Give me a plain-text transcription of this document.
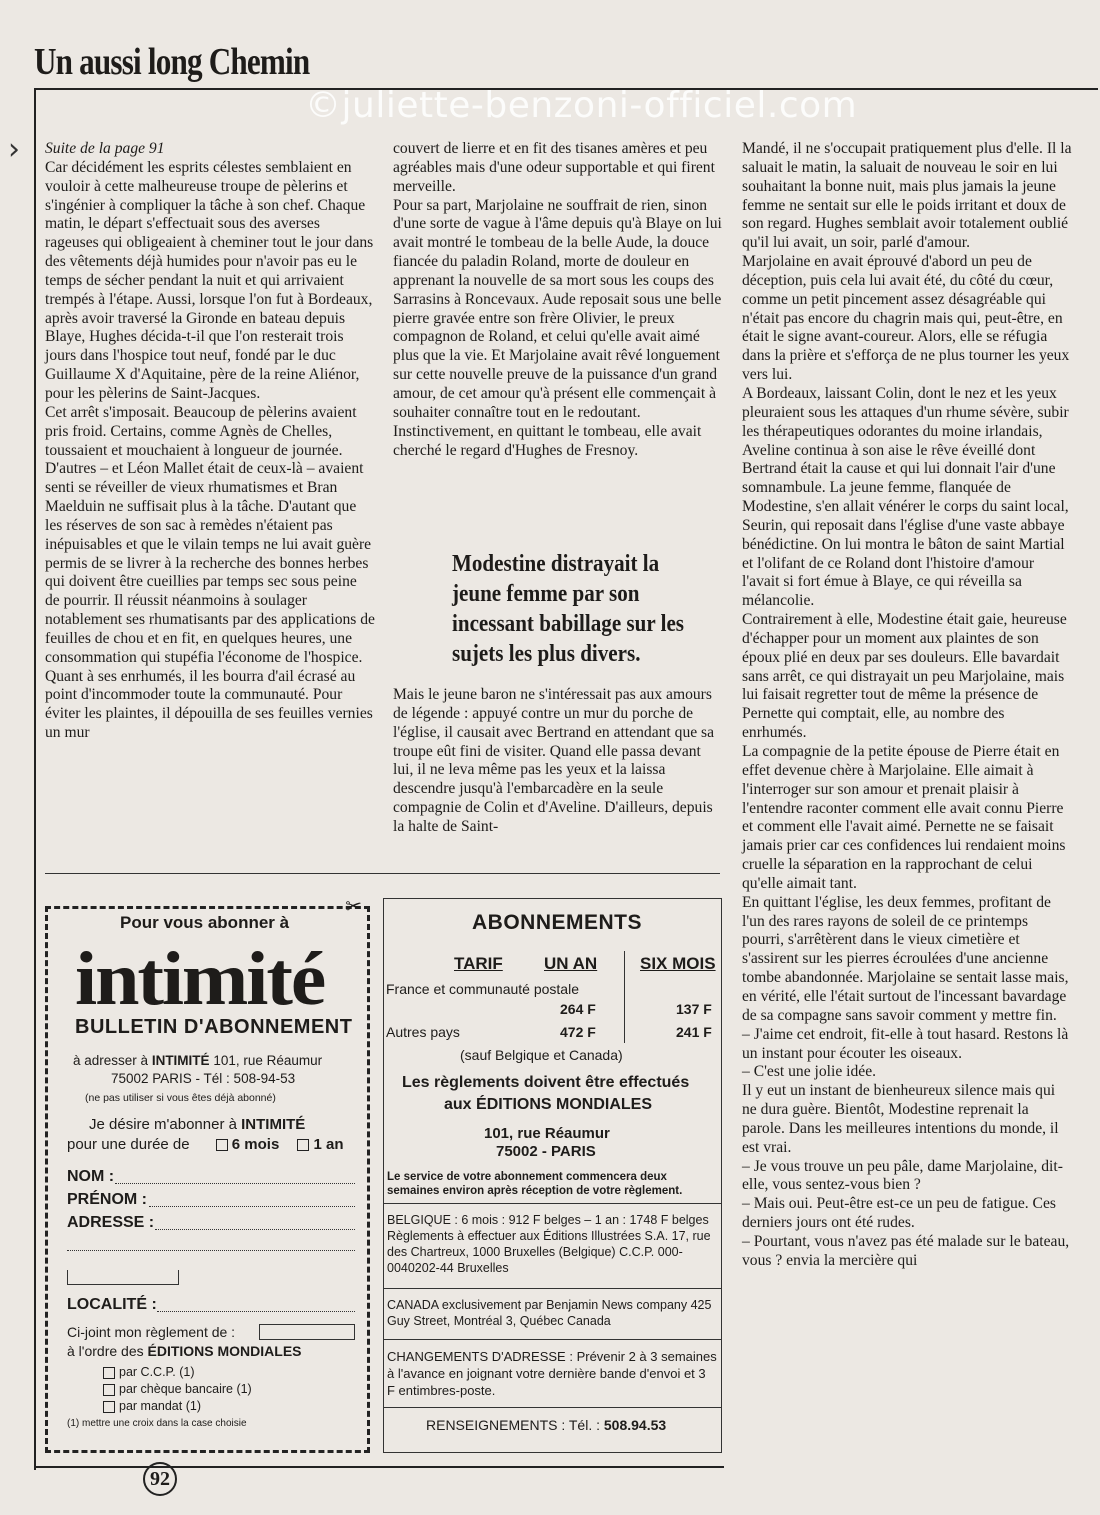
Un aussi long Chemin
©juliette-benzoni-officiel.com
› Suite de la page 91

Car décidément les esprits célestes semblaient en vouloir à cette malheureuse troupe de pèlerins et s'ingénier à compliquer la tâche à son chef. Chaque matin, le départ s'effectuait sous des averses rageuses qui obligeaient à cheminer tout le jour dans des vêtements déjà humides pour n'avoir pas eu le temps de sécher pendant la nuit et qui arrivaient trempés à l'étape. Aussi, lorsque l'on fut à Bordeaux, après avoir traversé la Gironde en bateau depuis Blaye, Hughes décida-t-il que l'on resterait trois jours dans l'hospice tout neuf, fondé par le duc Guillaume X d'Aquitaine, père de la reine Aliénor, pour les pèlerins de Saint-Jacques.

Cet arrêt s'imposait. Beaucoup de pèlerins avaient pris froid. Certains, comme Agnès de Chelles, toussaient et mouchaient à longueur de journée. D'autres – et Léon Mallet était de ceux-là – avaient senti se réveiller de vieux rhumatismes et Bran Maelduin ne suffisait plus à la tâche. D'autant que les réserves de son sac à remèdes n'étaient pas inépuisables et que le vilain temps ne lui avait guère permis de se livrer à la recherche des bonnes herbes qui doivent être cueillies par temps sec sous peine de pourrir. Il réussit néanmoins à soulager notablement ses rhumatisants par des applications de feuilles de chou et en fit, en quelques heures, une consommation qui stupéfia l'économe de l'hospice. Quant à ses enrhumés, il les bourra d'ail écrasé au point d'incommoder toute la communauté. Pour éviter les plaintes, il dépouilla de ses feuilles vernies un mur

couvert de lierre et en fit des tisanes amères et peu agréables mais d'une odeur supportable et qui firent merveille.

Pour sa part, Marjolaine ne souffrait de rien, sinon d'une sorte de vague à l'âme depuis qu'à Blaye on lui avait montré le tombeau de la belle Aude, la douce fiancée du paladin Roland, morte de douleur en apprenant la nouvelle de sa mort sous les coups des Sarrasins à Roncevaux. Aude reposait sous une belle pierre gravée entre son frère Olivier, le preux compagnon de Roland, et celui qu'elle avait aimé plus que la vie. Et Marjolaine avait rêvé longuement sur cette nouvelle preuve de la puissance d'un grand amour, de cet amour qu'à présent elle commençait à souhaiter connaître tout en le redoutant. Instinctivement, en quittant le tombeau, elle avait cherché le regard d'Hughes de Fresnoy.

Modestine distrayait la jeune femme par son incessant babillage sur les sujets les plus divers.

Mais le jeune baron ne s'intéressait pas aux amours de légende : appuyé contre un mur du porche de l'église, il causait avec Bertrand en attendant que sa troupe eût fini de visiter. Quand elle passa devant lui, il ne leva même pas les yeux et la laissa descendre jusqu'à l'embarcadère en la seule compagnie de Colin et d'Aveline. D'ailleurs, depuis la halte de Saint-

Mandé, il ne s'occupait pratiquement plus d'elle. Il la saluait le matin, la saluait de nouveau le soir en lui souhaitant la bonne nuit, mais plus jamais la jeune femme ne sentait sur elle le poids irritant et doux de son regard. Hughes semblait avoir totalement oublié qu'il lui avait, un soir, parlé d'amour.

Marjolaine en avait éprouvé d'abord un peu de déception, puis cela lui avait été, du côté du cœur, comme un petit pincement assez désagréable qui n'était pas encore du chagrin mais qui, peut-être, en était le signe avant-coureur. Alors, elle se réfugia dans la prière et s'efforça de ne plus tourner les yeux vers lui.

A Bordeaux, laissant Colin, dont le nez et les yeux pleuraient sous les attaques d'un rhume sévère, subir les thérapeutiques odorantes du moine irlandais, Aveline continua à son aise le rêve éveillé dont Bertrand était la cause et qui lui donnait l'air d'une somnambule. La jeune femme, flanquée de Modestine, s'en allait vénérer le corps du saint local, Seurin, qui reposait dans l'église d'une vaste abbaye bénédictine. On lui montra le bâton de saint Martial et l'olifant de ce Roland dont l'histoire d'amour l'avait si fort émue à Blaye, ce qui réveilla sa mélancolie.

Contrairement à elle, Modestine était gaie, heureuse d'échapper pour un moment aux plaintes de son époux plié en deux par ses douleurs. Elle bavardait sans arrêt, ce qui distrayait un peu Marjolaine, mais lui faisait regretter tout de même la présence de Pernette qui comptait, elle, au nombre des enrhumés.

La compagnie de la petite épouse de Pierre était en effet devenue chère à Marjolaine. Elle aimait à l'interroger sur son amour et prenait plaisir à l'entendre raconter comment elle avait connu Pierre et comment elle l'avait aimé. Pernette ne se faisait jamais prier car ces confidences lui rendaient moins cruelle la séparation en la rapprochant de celui qu'elle aimait tant.

En quittant l'église, les deux femmes, profitant de l'un des rares rayons de soleil de ce printemps pourri, s'arrêtèrent dans le vieux cimetière et s'assirent sur les pierres écroulées d'une ancienne tombe abandonnée. Marjolaine se sentait lasse mais, en vérité, elle l'était surtout de l'incessant bavardage de sa compagne sans savoir comment y mettre fin.

– J'aime cet endroit, fit-elle à tout hasard. Restons là un instant pour écouter les oiseaux.

– C'est une jolie idée.

Il y eut un instant de bienheureux silence mais qui ne dura guère. Bientôt, Modestine reprenait la parole. Dans les meilleures intentions du monde, il est vrai.

– Je vous trouve un peu pâle, dame Marjolaine, dit-elle, vous sentez-vous bien ?

– Mais oui. Peut-être est-ce un peu de fatigue. Ces derniers jours ont été rudes.

– Pourtant, vous n'avez pas été malade sur le bateau, vous ? envia la mercière qui

✂
Pour vous abonner à
intimité
BULLETIN D'ABONNEMENT
à adresser à INTIMITÉ 101, rue Réaumur
75002 PARIS - Tél : 508-94-53
(ne pas utiliser si vous êtes déjà abonné)
Je désire m'abonner à INTIMITÉ
pour une durée de	6 mois 1 an
NOM :
PRÉNOM :
ADRESSE :
LOCALITÉ :
Ci-joint mon règlement de :
à l'ordre des ÉDITIONS MONDIALES
par C.C.P. (1)
par chèque bancaire (1)
par mandat (1)
(1) mettre une croix dans la case choisie
ABONNEMENTS
TARIF UN AN	SIX MOIS
France et communauté postale
264 F	137 F
Autres pays	472 F	241 F
(sauf Belgique et Canada)
Les règlements doivent être effectués
aux ÉDITIONS MONDIALES
101, rue Réaumur
75002 - PARIS
Le service de votre abonnement commencera deux semaines environ après réception de votre règlement.
BELGIQUE : 6 mois : 912 F belges – 1 an : 1748 F belges Règlements à effectuer aux Éditions Illustrées S.A. 17, rue des Chartreux, 1000 Bruxelles (Belgique) C.C.P. 000-0040202-44 Bruxelles
CANADA exclusivement par Benjamin News company 425 Guy Street, Montréal 3, Québec Canada
CHANGEMENTS D'ADRESSE : Prévenir 2 à 3 semaines à l'avance en joignant votre dernière bande d'envoi et 3 F entimbres-poste.
RENSEIGNEMENTS : Tél. : 508.94.53
92
